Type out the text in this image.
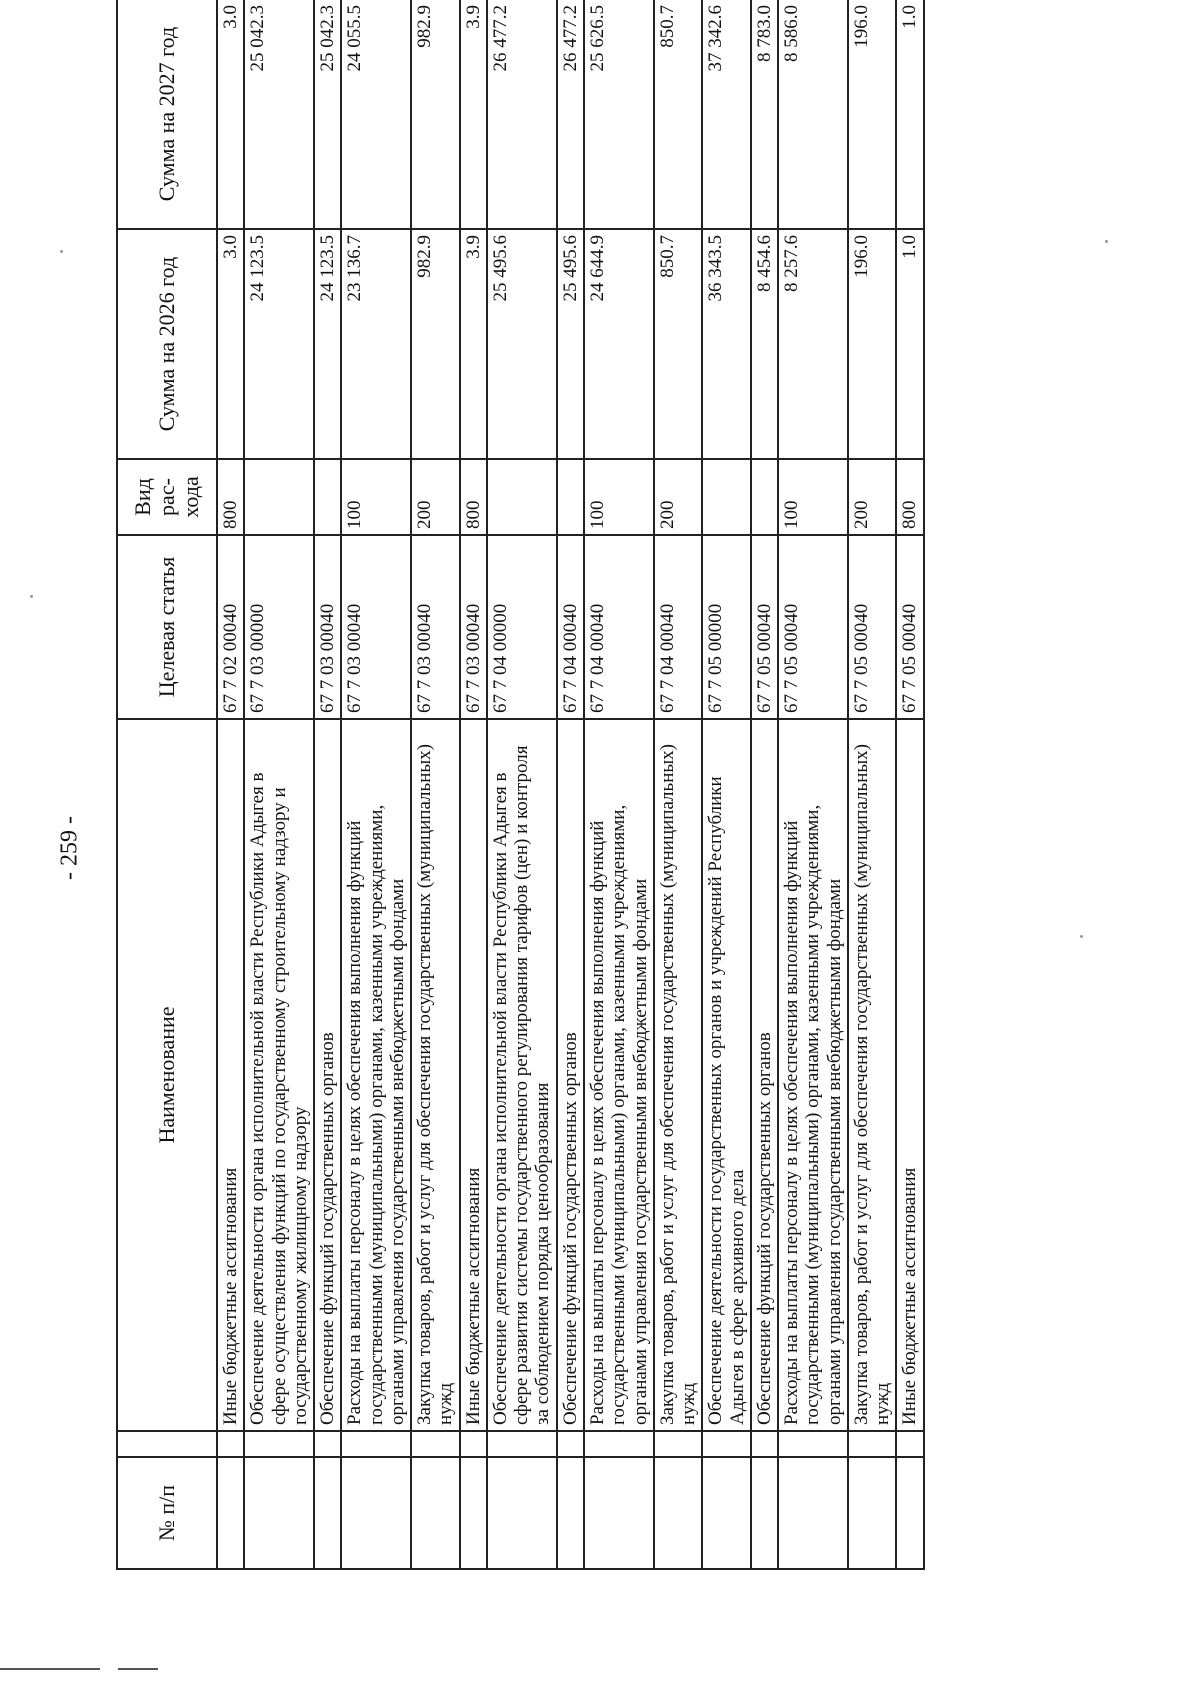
- 259 -
№ п/п		Наименование	Целевая статья	Вид рас-хода	Сумма на 2026 год	Сумма на 2027 год
		Иные бюджетные ассигнования	67 7 02 00040	800	3.0	3.0
		Обеспечение деятельности органа исполнительной власти Республики Адыгея в сфере осуществления функций по государственному строительному надзору и государственному жилищному надзору	67 7 03 00000		24 123.5	25 042.3
		Обеспечение функций государственных органов	67 7 03 00040		24 123.5	25 042.3
		Расходы на выплаты персоналу в целях обеспечения выполнения функций государственными (муниципальными) органами, казенными учреждениями, органами управления государственными внебюджетными фондами	67 7 03 00040	100	23 136.7	24 055.5
		Закупка товаров, работ и услуг для обеспечения государственных (муниципальных) нужд	67 7 03 00040	200	982.9	982.9
		Иные бюджетные ассигнования	67 7 03 00040	800	3.9	3.9
		Обеспечение деятельности органа исполнительной власти Республики Адыгея в сфере развития системы государственного регулирования тарифов (цен) и контроля за соблюдением порядка ценообразования	67 7 04 00000		25 495.6	26 477.2
		Обеспечение функций государственных органов	67 7 04 00040		25 495.6	26 477.2
		Расходы на выплаты персоналу в целях обеспечения выполнения функций государственными (муниципальными) органами, казенными учреждениями, органами управления государственными внебюджетными фондами	67 7 04 00040	100	24 644.9	25 626.5
		Закупка товаров, работ и услуг для обеспечения государственных (муниципальных) нужд	67 7 04 00040	200	850.7	850.7
		Обеспечение деятельности государственных органов и учреждений Республики Адыгея в сфере архивного дела	67 7 05 00000		36 343.5	37 342.6
		Обеспечение функций государственных органов	67 7 05 00040		8 454.6	8 783.0
		Расходы на выплаты персоналу в целях обеспечения выполнения функций государственными (муниципальными) органами, казенными учреждениями, органами управления государственными внебюджетными фондами	67 7 05 00040	100	8 257.6	8 586.0
		Закупка товаров, работ и услуг для обеспечения государственных (муниципальных) нужд	67 7 05 00040	200	196.0	196.0
		Иные бюджетные ассигнования	67 7 05 00040	800	1.0	1.0
